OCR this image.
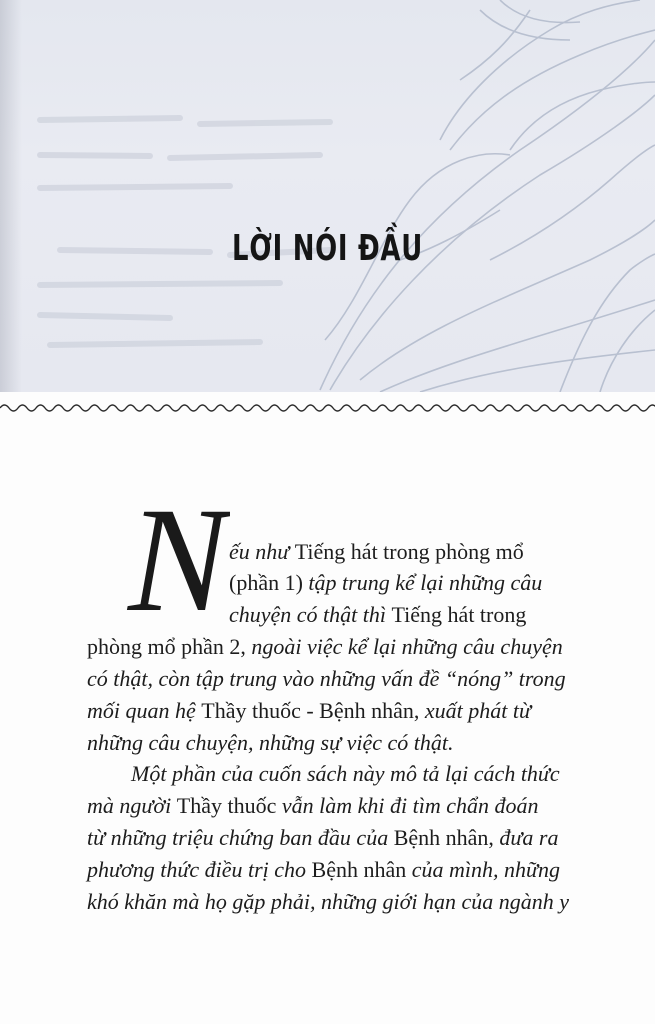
LỜI NÓI ĐẦU
N ếu như Tiếng hát trong phòng mổ
(phần 1) tập trung kể lại những câu
chuyện có thật thì Tiếng hát trong
phòng mổ phần 2, ngoài việc kể lại những câu chuyện
có thật, còn tập trung vào những vấn đề “nóng” trong
mối quan hệ Thầy thuốc - Bệnh nhân, xuất phát từ
những câu chuyện, những sự việc có thật.
Một phần của cuốn sách này mô tả lại cách thức
mà người Thầy thuốc vẫn làm khi đi tìm chẩn đoán
từ những triệu chứng ban đầu của Bệnh nhân, đưa ra
phương thức điều trị cho Bệnh nhân của mình, những
khó khăn mà họ gặp phải, những giới hạn của ngành y
